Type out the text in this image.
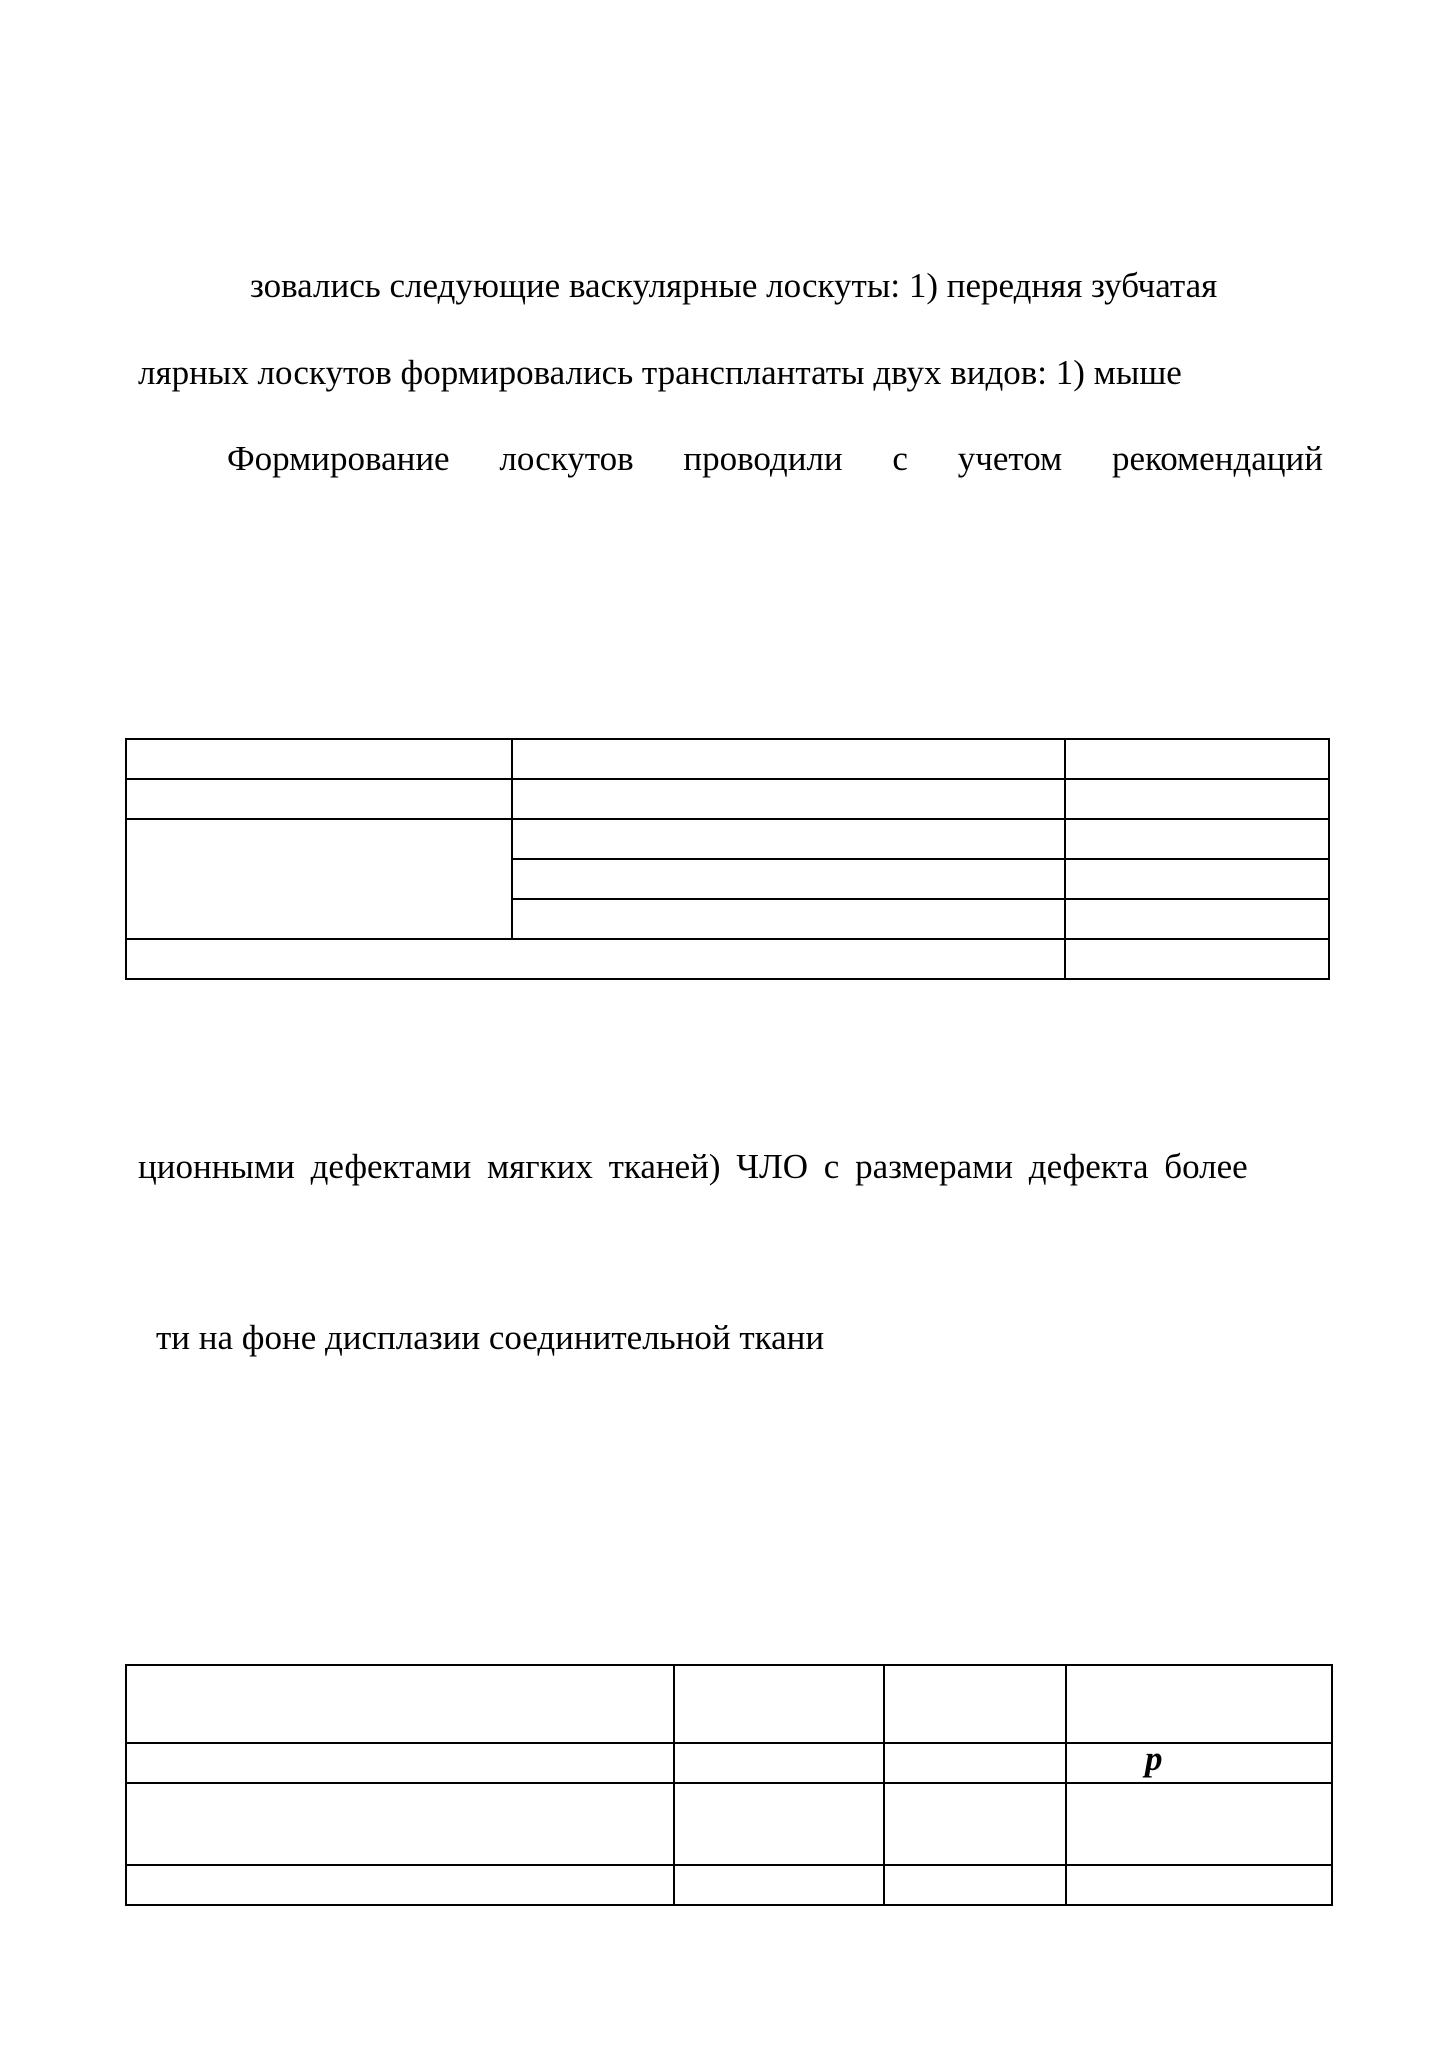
зовались следующие васкулярные лоскуты: 1) передняя зубчатая
лярных лоскутов формировались трансплантаты двух видов: 1) мыше
Формирование лоскутов проводили с учетом рекомендаций

ционными дефектами мягких тканей) ЧЛО с размерами дефекта более
ти на фоне дисплазии соединительной ткани

			p
